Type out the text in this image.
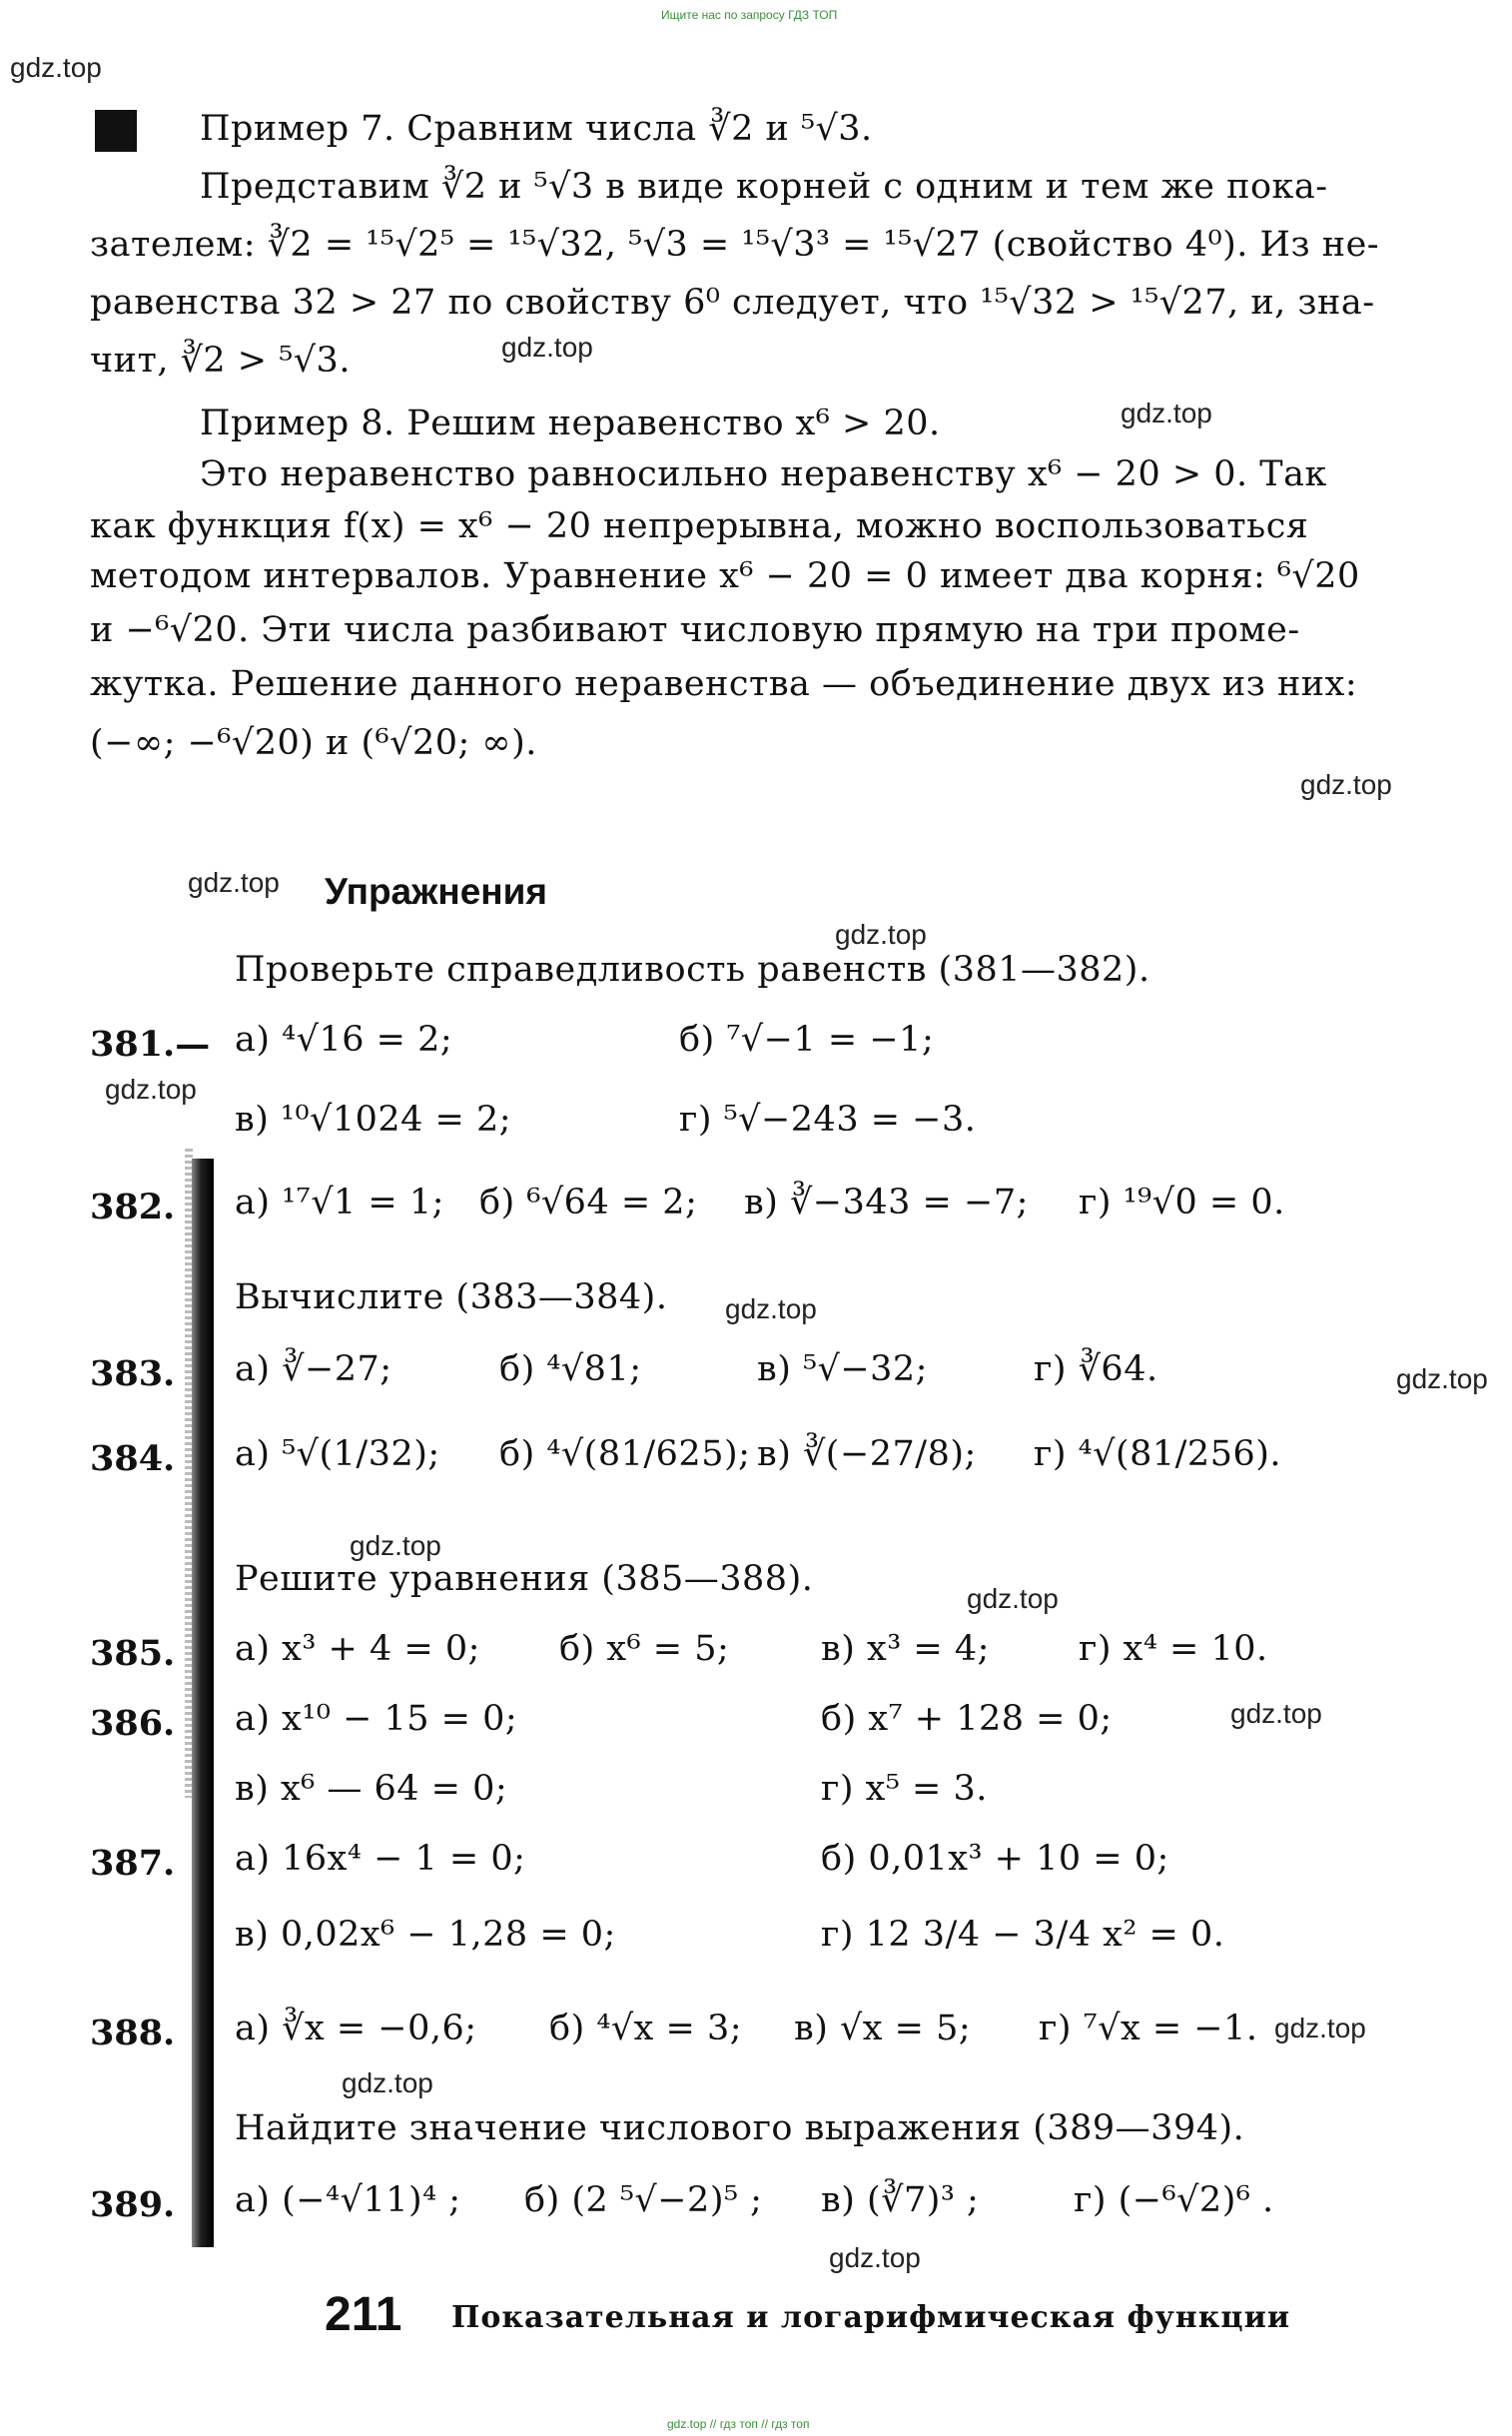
Ищите нас по запросу ГДЗ ТОП
gdz.top
gdz.top
gdz.top
gdz.top
gdz.top
gdz.top
gdz.top
gdz.top
gdz.top
gdz.top
gdz.top
gdz.top
gdz.top
gdz.top
gdz.top
Пример 7. Сравним числа ∛2 и ⁵√3.
Представим ∛2 и ⁵√3 в виде корней с одним и тем же пока-
зателем: ∛2 = ¹⁵√2⁵ = ¹⁵√32, ⁵√3 = ¹⁵√3³ = ¹⁵√27 (свойство 4⁰). Из не-
равенства 32 > 27 по свойству 6⁰ следует, что ¹⁵√32 > ¹⁵√27, и, зна-
чит, ∛2 > ⁵√3.
Пример 8. Решим неравенство x⁶ > 20.
Это неравенство равносильно неравенству x⁶ − 20 > 0. Так
как функция f(x) = x⁶ − 20 непрерывна, можно воспользоваться
методом интервалов. Уравнение x⁶ − 20 = 0 имеет два корня: ⁶√20
и −⁶√20. Эти числа разбивают числовую прямую на три проме-
жутка. Решение данного неравенства — объединение двух из них:
(−∞; −⁶√20) и (⁶√20; ∞).
Упражнения
Проверьте справедливость равенств (381—382).
381.— а) ⁴√16 = 2;	б) ⁷√−1 = −1;
в) ¹⁰√1024 = 2;	г) ⁵√−243 = −3.
382. а) ¹⁷√1 = 1; б) ⁶√64 = 2; в) ∛−343 = −7; г) ¹⁹√0 = 0.
Вычислите (383—384).
383. а) ∛−27;	б) ⁴√81;	в) ⁵√−32;	г) ∛64.
384. а) ⁵√(1/32); б) ⁴√(81/625); в) ∛(−27/8); г) ⁴√(81/256).
Решите уравнения (385—388).
385. а) x³ + 4 = 0; б) x⁶ = 5;	в) x³ = 4;	г) x⁴ = 10.
386. а) x¹⁰ − 15 = 0;	б) x⁷ + 128 = 0;
в) x⁶ — 64 = 0;	г) x⁵ = 3.
387. а) 16x⁴ − 1 = 0;	б) 0,01x³ + 10 = 0;
в) 0,02x⁶ − 1,28 = 0;	г) 12 3/4 − 3/4 x² = 0.
388. а) ∛x = −0,6; б) ⁴√x = 3; в) √x = 5; г) ⁷√x = −1.
Найдите значение числового выражения (389—394).
389. а) (−⁴√11)⁴ ; б) (2 ⁵√−2)⁵ ; в) (∛7)³ ;	г) (−⁶√2)⁶ .
211 Показательная и логарифмическая функции
gdz.top // гдз топ // гдз топ
